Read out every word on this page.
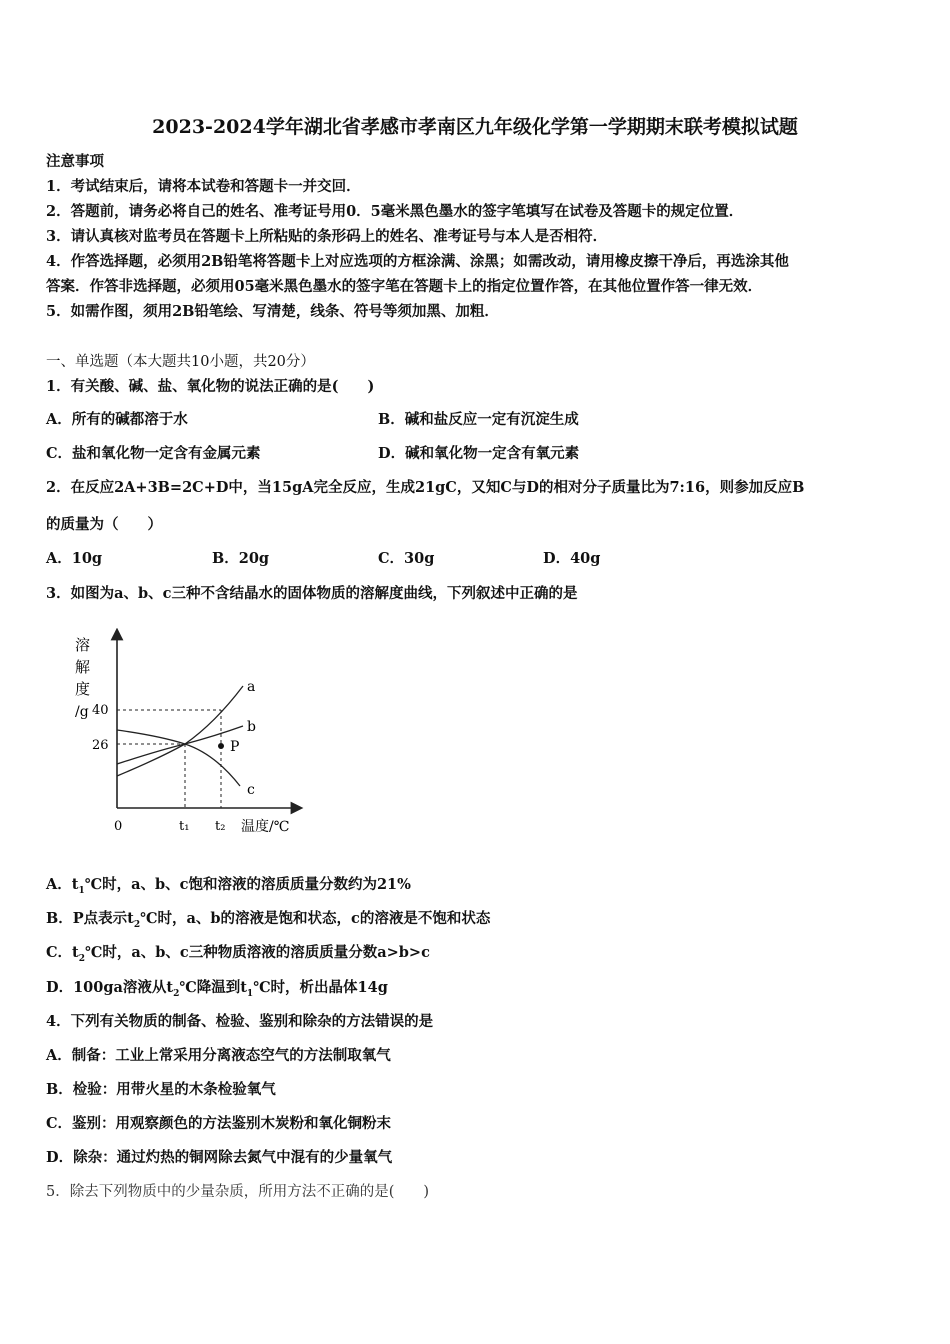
2023-2024学年湖北省孝感市孝南区九年级化学第一学期期末联考模拟试题
注意事项
1．考试结束后，请将本试卷和答题卡一并交回．
2．答题前，请务必将自己的姓名、准考证号用0．5毫米黑色墨水的签字笔填写在试卷及答题卡的规定位置．
3．请认真核对监考员在答题卡上所粘贴的条形码上的姓名、准考证号与本人是否相符．
4．作答选择题，必须用2B铅笔将答题卡上对应选项的方框涂满、涂黑；如需改动，请用橡皮擦干净后，再选涂其他
答案．作答非选择题，必须用05毫米黑色墨水的签字笔在答题卡上的指定位置作答，在其他位置作答一律无效．
5．如需作图，须用2B铅笔绘、写清楚，线条、符号等须加黑、加粗．
一、单选题（本大题共10小题，共20分）
1．有关酸、碱、盐、氧化物的说法正确的是(　　)
A．所有的碱都溶于水	B．碱和盐反应一定有沉淀生成
C．盐和氧化物一定含有金属元素	D．碱和氧化物一定含有氧元素
2．在反应2A+3B=2C+D中，当15gA完全反应，生成21gC，又知C与D的相对分子质量比为7:16，则参加反应B
的质量为（　　）
A．10g	B．20g	C．30g	D．40g
3．如图为a、b、c三种不含结晶水的固体物质的溶解度曲线，下列叙述中正确的是
溶
解
度
/g 40
26
0	t₁ t₂ 温度/℃
a
b
c
P
A．$t_1℃$时，a、b、c饱和溶液的溶质质量分数约为21%
B．P点表示$t_2℃$时，a、b的溶液是饱和状态，c的溶液是不饱和状态
C．$t_2℃$时，a、b、c三种物质溶液的溶质质量分数a>b>c
D．100ga溶液从$t_2℃$降温到$t_1℃$时，析出晶体14g
4．下列有关物质的制备、检验、鉴别和除杂的方法错误的是
A．制备：工业上常采用分离液态空气的方法制取氧气
B．检验：用带火星的木条检验氧气
C．鉴别：用观察颜色的方法鉴别木炭粉和氧化铜粉末
D．除杂：通过灼热的铜网除去氮气中混有的少量氧气
5．除去下列物质中的少量杂质，所用方法不正确的是(　　)
